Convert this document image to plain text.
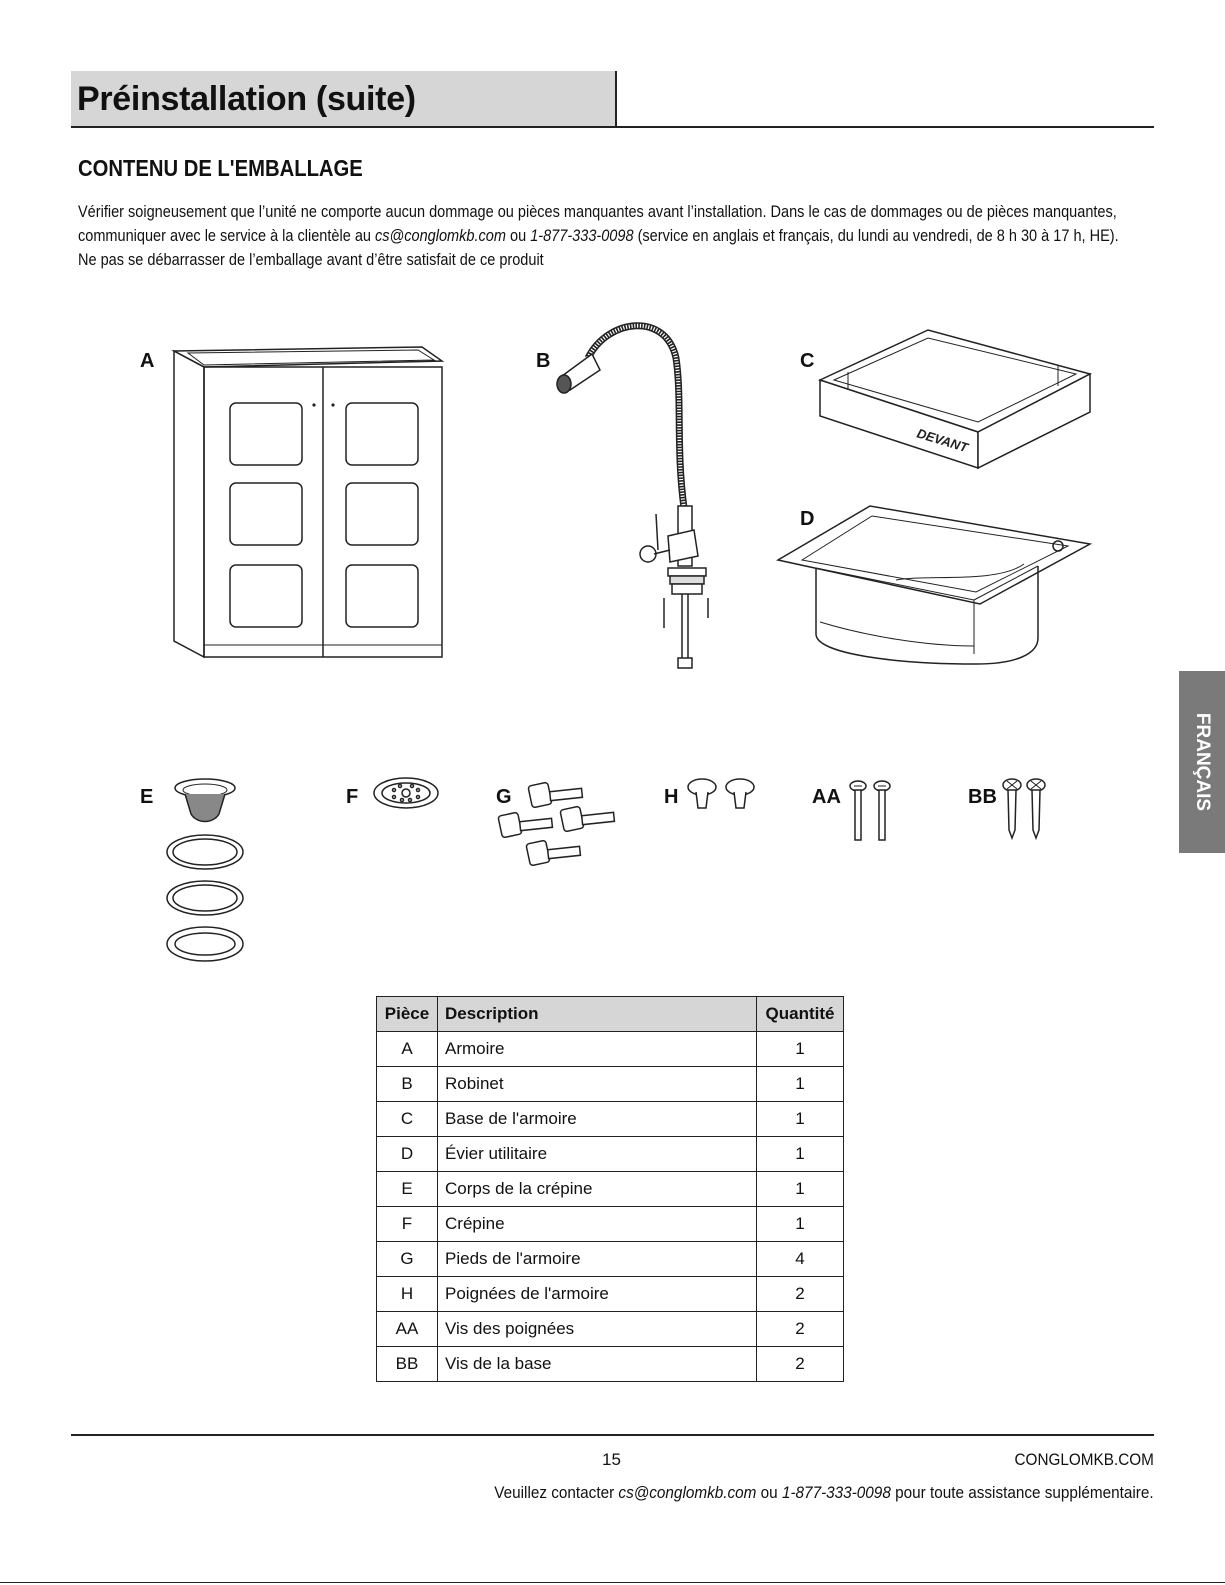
Préinstallation (suite)
CONTENU DE L'EMBALLAGE
Vérifier soigneusement que l’unité ne comporte aucun dommage ou pièces manquantes avant l’installation. Dans le cas de dommages ou de pièces manquantes, communiquer avec le service à la clientèle au cs@conglomkb.com ou 1-877-333-0098 (service en anglais et français, du lundi au vendredi, de 8 h 30 à 17 h, HE). Ne pas se débarrasser de l’emballage avant d’être satisfait de ce produit
A	B	C
DEVANT
D
E	F	G	H	AA	BB	FRANÇAIS
Pièce	Description	Quantité
A	Armoire	1
B	Robinet	1
C	Base de l'armoire	1
D	Évier utilitaire	1
E	Corps de la crépine	1
F	Crépine	1
G	Pieds de l'armoire	4
H	Poignées de l'armoire	2
AA	Vis des poignées	2
BB	Vis de la base	2
15	CONGLOMKB.COM
Veuillez contacter cs@conglomkb.com ou 1-877-333-0098 pour toute assistance supplémentaire.
